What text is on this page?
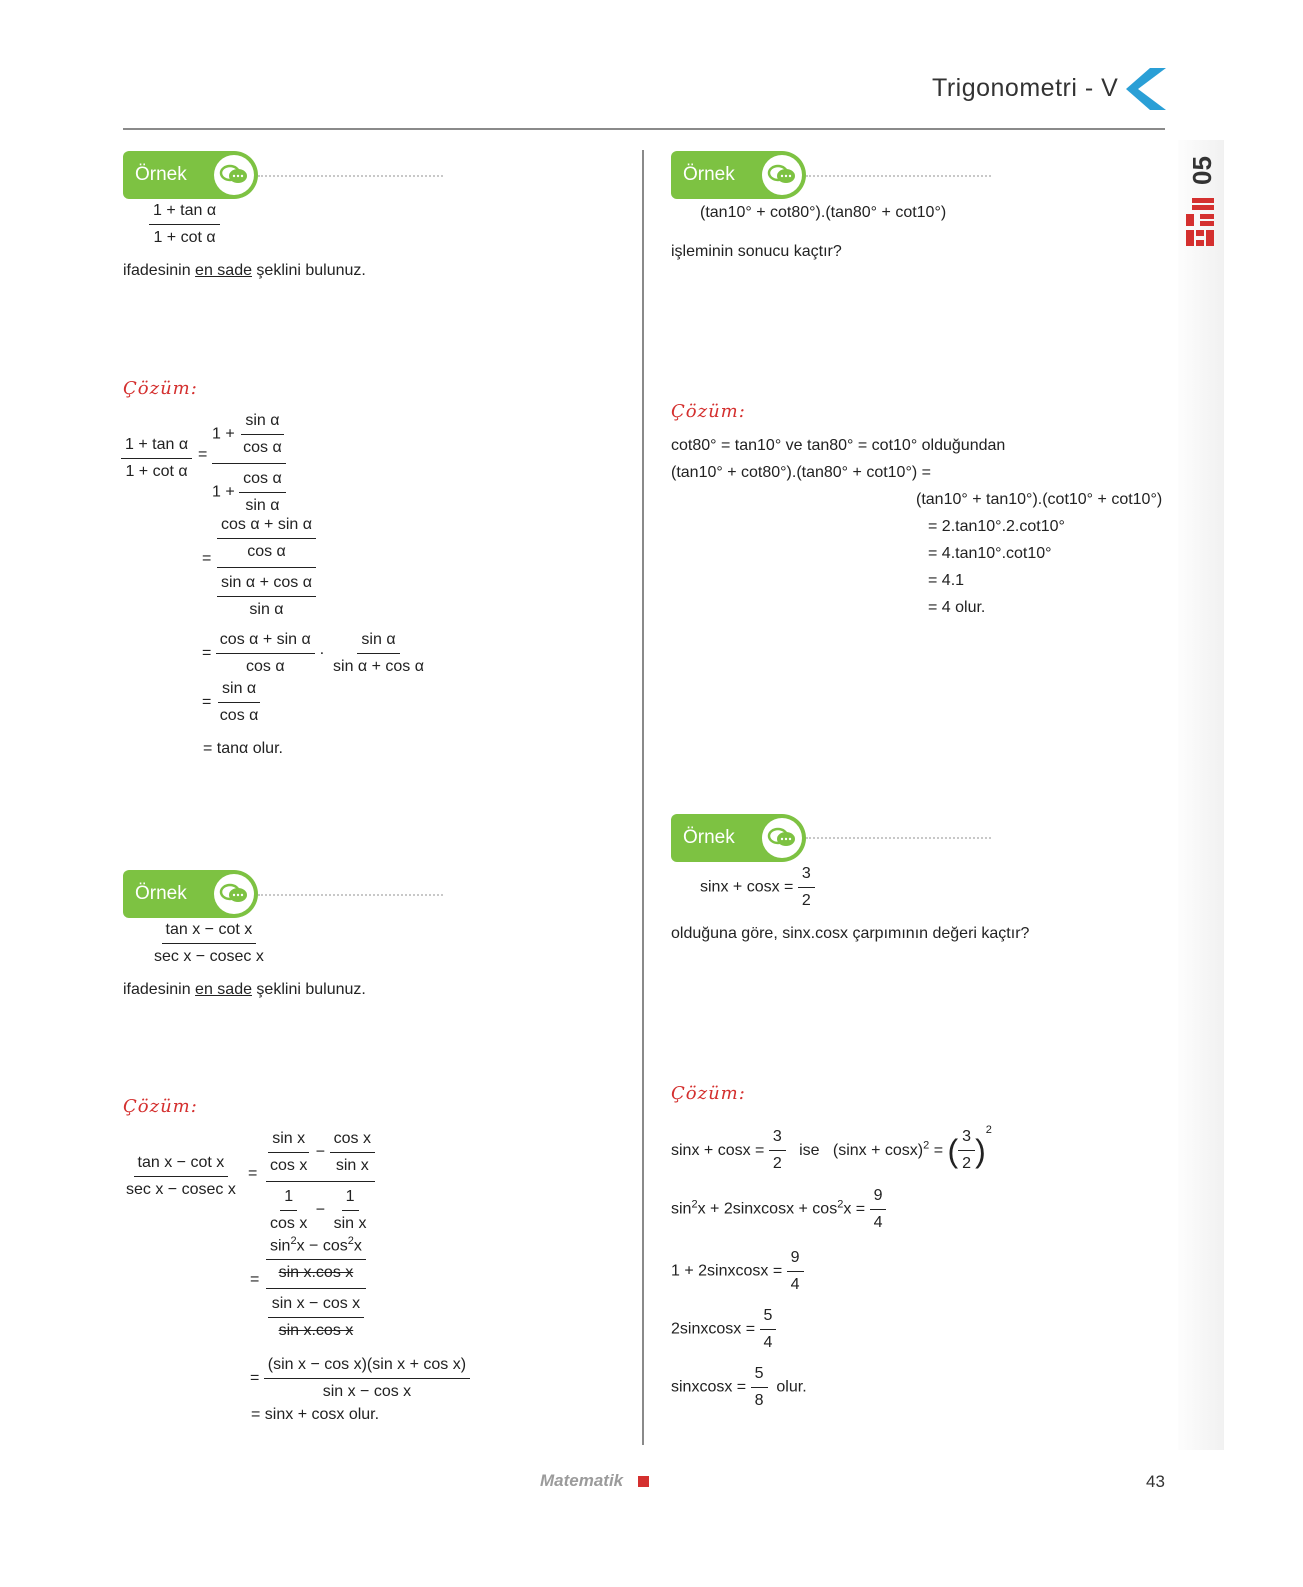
Trigonometri - V
05
Örnek
$\frac{\text{1 + tan α}}{\text{1 + cot α}}$
ifadesinin en sade şeklini bulunuz.
Çözüm:
$\frac{\text{1 + tan α}}{\text{1 + cot α}}$ =
$1 + \frac{\text{sin α}}{\text{cos α}}$
$1 + \frac{\text{cos α}}{\text{sin α}}$
= $\frac{\text{cos α + sin α}}{\text{cos α}}$
$\frac{\text{sin α + cos α}}{\text{sin α}}$
= $\frac{\text{cos α + sin α}}{\text{cos α}} \cdot \frac{\text{sin α}}{\text{sin α + cos α}}$
= $\frac{\text{sin α}}{\text{cos α}}$
= tanα olur.
Örnek
$\frac{\text{tan x − cot x}}{\text{sec x − cosec x}}$
ifadesinin en sade şeklini bulunuz.
Çözüm:
$\frac{\text{tan x − cot x}}{\text{sec x − cosec x}} = \frac{\text{sin x}}{\text{cos x}} - \frac{\text{cos x}}{\text{sin x}}$
$\frac{1}{\text{cos x}} - \frac{1}{\text{sin x}}$
= $\frac{\sin^2x - \cos^2x}{\text{sin x.cos x}}$
$\frac{\text{sin x − cos x}}{\text{sin x.cos x}}$
= $\frac{\text{(sin x − cos x)(sin x + cos x)}}{\text{sin x − cos x}}$
= sinx + cosx olur.
Örnek
(tan10° + cot80°).(tan80° + cot10°)
işleminin sonucu kaçtır?
Çözüm:
cot80° = tan10° ve tan80° = cot10° olduğundan
(tan10° + cot80°).(tan80° + cot10°) =
(tan10° + tan10°).(cot10° + cot10°)
= 2.tan10°.2.cot10°
= 4.tan10°.cot10°
= 4.1
= 4 olur.
Örnek
$\sin x + \cos x = \frac{3}{2}$
olduğuna göre, sinx.cosx çarpımının değeri kaçtır?
Çözüm:
$\sin x + \cos x = \frac{3}{2}$ ise $(\sin x + \cos x)^2$ = ( $\frac{3}{2} )^2$
$\sin^2x$ + 2sinxcosx + $\cos^2x = \frac{9}{4}$
1 + 2sinxcosx = $\frac{9}{4}$
2sinxcosx = $\frac{5}{4}$
sinxcosx = $\frac{5}{8}$ olur.
Matematik	43
